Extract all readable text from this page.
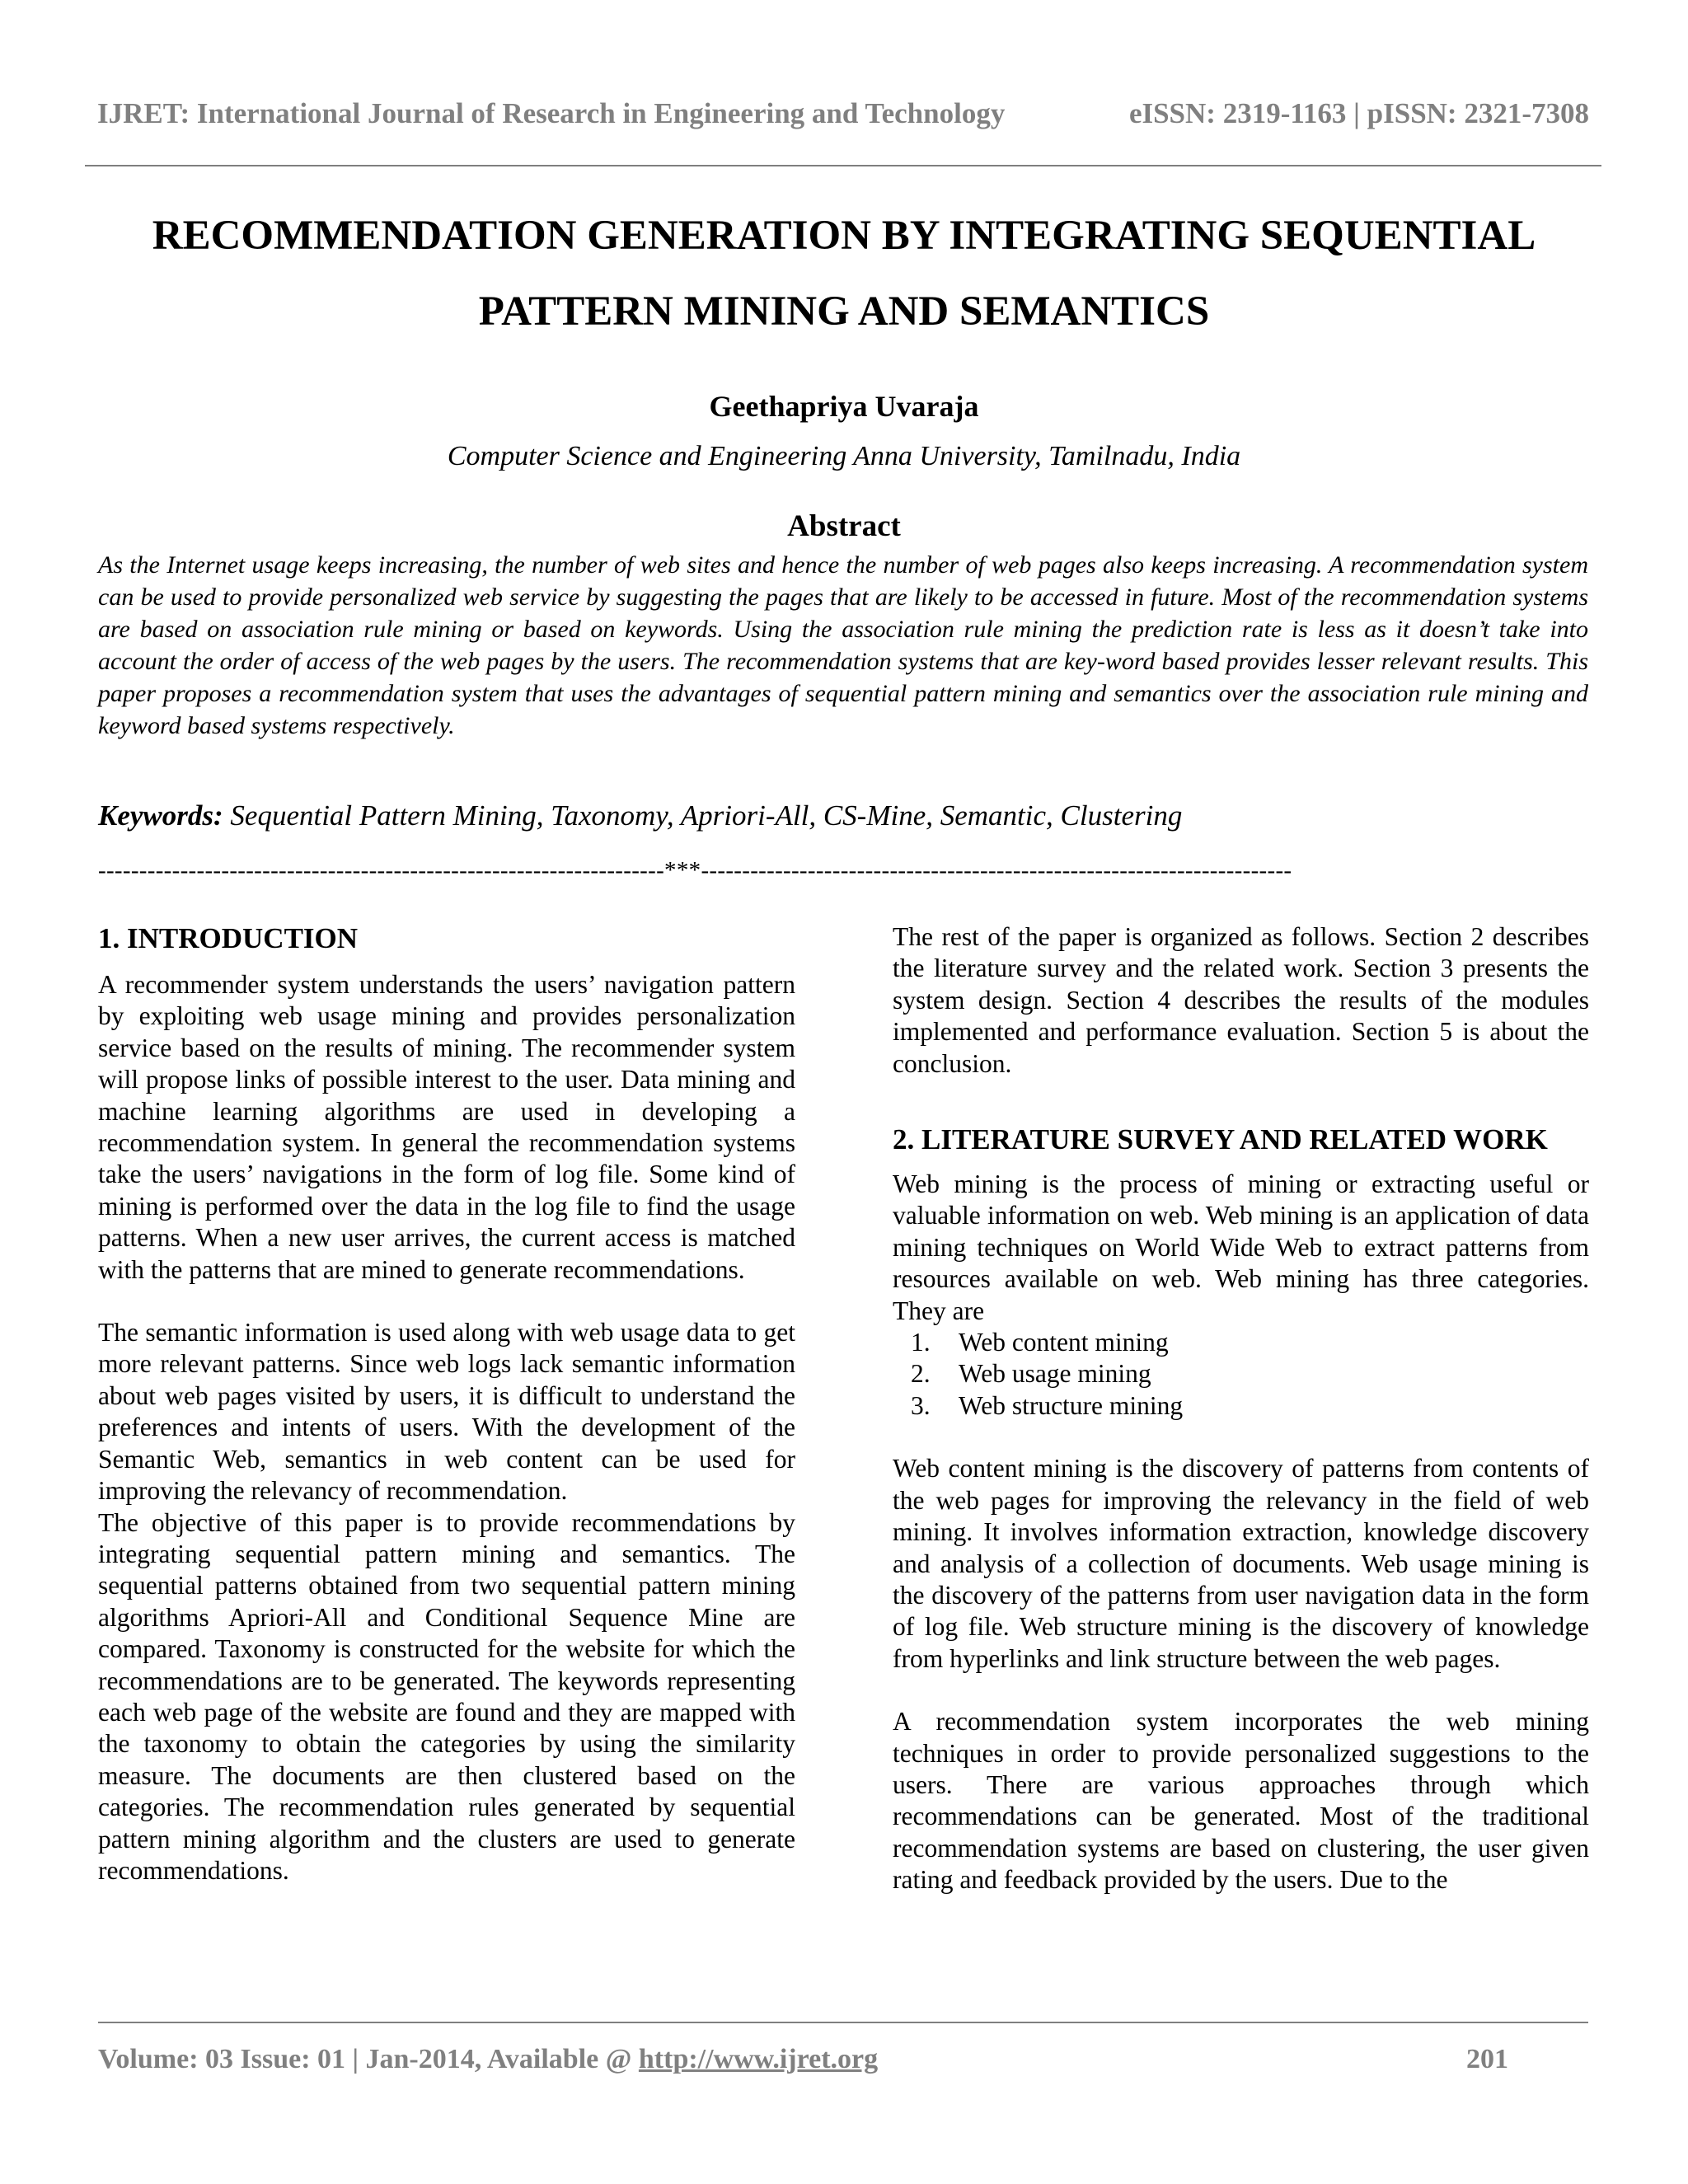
IJRET: International Journal of Research in Engineering and Technology	eISSN: 2319-1163 | pISSN: 2321-7308
RECOMMENDATION GENERATION BY INTEGRATING SEQUENTIAL
PATTERN MINING AND SEMANTICS
Geethapriya Uvaraja
Computer Science and Engineering Anna University, Tamilnadu, India
Abstract
As the Internet usage keeps increasing, the number of web sites and hence the number of web pages also keeps increasing. A recommendation system can be used to provide personalized web service by suggesting the pages that are likely to be accessed in future. Most of the recommendation systems are based on association rule mining or based on keywords. Using the association rule mining the prediction rate is less as it doesn’t take into account the order of access of the web pages by the users. The recommendation systems that are key-word based provides lesser relevant results. This paper proposes a recommendation system that uses the advantages of sequential pattern mining and semantics over the association rule mining and keyword based systems respectively.
Keywords: Sequential Pattern Mining, Taxonomy, Apriori-All, CS-Mine, Semantic, Clustering
---------------------------------------------------------------------***------------------------------------------------------------------------
1. INTRODUCTION

A recommender system understands the users’ navigation pattern by exploiting web usage mining and provides personalization service based on the results of mining. The recommender system will propose links of possible interest to the user. Data mining and machine learning algorithms are used in developing a recommendation system. In general the recommendation systems take the users’ navigations in the form of log file. Some kind of mining is performed over the data in the log file to find the usage patterns. When a new user arrives, the current access is matched with the patterns that are mined to generate recommendations.

The semantic information is used along with web usage data to get more relevant patterns. Since web logs lack semantic information about web pages visited by users, it is difficult to understand the preferences and intents of users. With the development of the Semantic Web, semantics in web content can be used for improving the relevancy of recommendation.

The objective of this paper is to provide recommendations by integrating sequential pattern mining and semantics. The sequential patterns obtained from two sequential pattern mining algorithms Apriori-All and Conditional Sequence Mine are compared. Taxonomy is constructed for the website for which the recommendations are to be generated. The keywords representing each web page of the website are found and they are mapped with the taxonomy to obtain the categories by using the similarity measure. The documents are then clustered based on the categories. The recommendation rules generated by sequential pattern mining algorithm and the clusters are used to generate recommendations.

The rest of the paper is organized as follows. Section 2 describes the literature survey and the related work. Section 3 presents the system design. Section 4 describes the results of the modules implemented and performance evaluation. Section 5 is about the conclusion.

2. LITERATURE SURVEY AND RELATED WORK

Web mining is the process of mining or extracting useful or valuable information on web. Web mining is an application of data mining techniques on World Wide Web to extract patterns from resources available on web. Web mining has three categories. They are

1. Web content mining
2. Web usage mining
3. Web structure mining

Web content mining is the discovery of patterns from contents of the web pages for improving the relevancy in the field of web mining. It involves information extraction, knowledge discovery and analysis of a collection of documents. Web usage mining is the discovery of the patterns from user navigation data in the form of log file. Web structure mining is the discovery of knowledge from hyperlinks and link structure between the web pages.

A recommendation system incorporates the web mining techniques in order to provide personalized suggestions to the users. There are various approaches through which recommendations can be generated. Most of the traditional recommendation systems are based on clustering, the user given rating and feedback provided by the users. Due to the

Volume: 03 Issue: 01 | Jan-2014, Available @ http://www.ijret.org	201
